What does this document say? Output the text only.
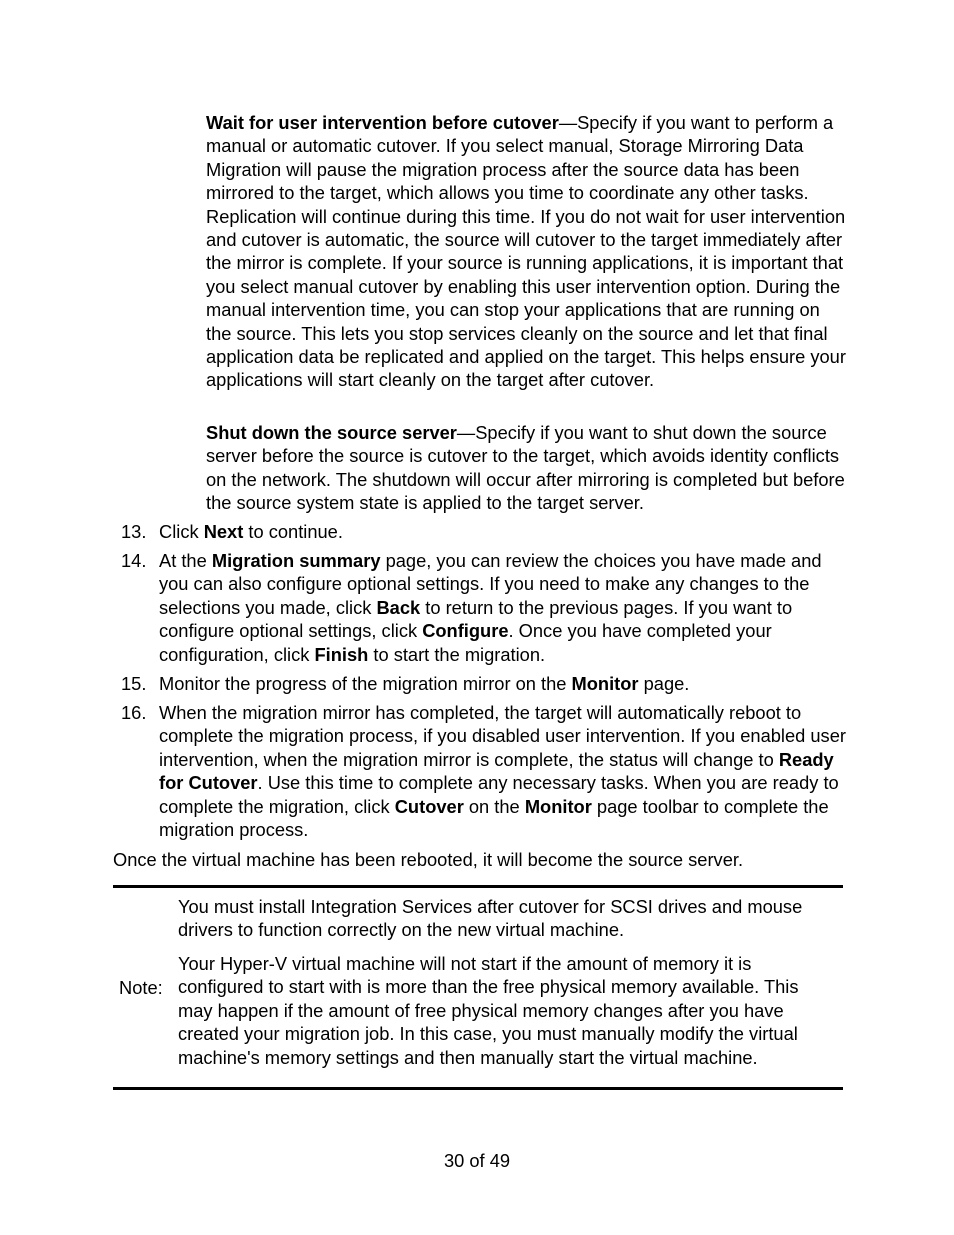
Wait for user intervention before cutover—Specify if you want to perform a manual or automatic cutover. If you select manual, Storage Mirroring Data Migration will pause the migration process after the source data has been mirrored to the target, which allows you time to coordinate any other tasks. Replication will continue during this time. If you do not wait for user intervention and cutover is automatic, the source will cutover to the target immediately after the mirror is complete. If your source is running applications, it is important that you select manual cutover by enabling this user intervention option. During the manual intervention time, you can stop your applications that are running on the source. This lets you stop services cleanly on the source and let that final application data be replicated and applied on the target. This helps ensure your applications will start cleanly on the target after cutover.

Shut down the source server—Specify if you want to shut down the source server before the source is cutover to the target, which avoids identity conflicts on the network. The shutdown will occur after mirroring is completed but before the source system state is applied to the target server.

13. Click Next to continue.
14. At the Migration summary page, you can review the choices you have made and you can also configure optional settings. If you need to make any changes to the selections you made, click Back to return to the previous pages. If you want to configure optional settings, click Configure. Once you have completed your configuration, click Finish to start the migration.
15. Monitor the progress of the migration mirror on the Monitor page.
16. When the migration mirror has completed, the target will automatically reboot to complete the migration process, if you disabled user intervention. If you enabled user intervention, when the migration mirror is complete, the status will change to Ready for Cutover. Use this time to complete any necessary tasks. When you are ready to complete the migration, click Cutover on the Monitor page toolbar to complete the migration process.
Once the virtual machine has been rebooted, it will become the source server.
Note:
You must install Integration Services after cutover for SCSI drives and mouse drivers to function correctly on the new virtual machine.
Your Hyper-V virtual machine will not start if the amount of memory it is configured to start with is more than the free physical memory available. This may happen if the amount of free physical memory changes after you have created your migration job. In this case, you must manually modify the virtual machine's memory settings and then manually start the virtual machine.
30 of 49
